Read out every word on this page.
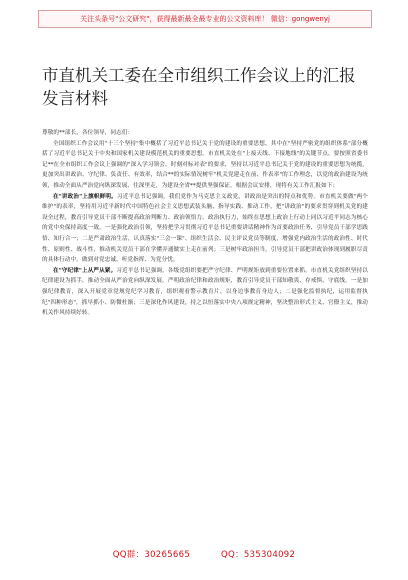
关注头条号"公文研究"，获得最新最全最专业的公文资料库！ 微信：gongwenyj
市直机关工委在全市组织工作会议上的汇报发言材料

尊敬的**部长，各位领导，同志们：

全国组织工作会议用"十三个坚持"集中概括了习近平总书记关于党的建设的重要思想，其中在"坚持严密党的组织体系"部分概括了习近平总书记关于中央和国家机关建设模范机关的重要思想。市直机关处在"上接天线、下接地线"的关键节点，要按照省委书记**在全市组织工作会议上强调的"深入学习领会、时刻对标对表"的要求，坚持以习近平总书记关于党的建设的重要思想为统揽，更加突出讲政治、守纪律、负责任、有效率，结合**的实际情况树牢"机关党建走在前、作表率"的工作理念，以党的政治建设为统领，推动全面从严治党向纵深发展、往深里走，为建设全省**提供坚强保证。根据会议安排，现将有关工作汇报如下：

在"讲政治"上旗帜鲜明。习近平总书记强调，我们党作为马克思主义政党，讲政治是突出的特点和优势。市直机关要做"两个维护"的表率，坚持用习近平新时代中国特色社会主义思想武装头脑、指导实践、推动工作，把"讲政治"的要求贯穿到机关党的建设全过程，教育引导党员干部不断提高政治判断力、政治领悟力、政治执行力，始终在思想上政治上行动上同以习近平同志为核心的党中央保持高度一致。一是强化政治引领，坚持把学习贯彻习近平总书记重要讲话精神作为首要政治任务，引导党员干部学思践悟、知行合一；二是严肃政治生活，认真落实"三会一课"、组织生活会、民主评议党员等制度，增强党内政治生活的政治性、时代性、原则性、战斗性，推动机关党员干部在学懂弄通做实上走在前列；三是树牢政治担当，引导党员干部把讲政治体现到履职尽责的具体行动中，做到对党忠诚、听党指挥、为党分忧。

在"守纪律"上从严从紧。习近平总书记强调，各级党组织要把严守纪律、严明规矩放到重要位置来抓。市直机关党组织坚持以纪律建设为抓手，推动全面从严治党向纵深发展，严明政治纪律和政治规矩，教育引导党员干部知敬畏、存戒惧、守底线。一是加强纪律教育，深入开展党章党规党纪学习教育，组织观看警示教育片，以身边事教育身边人；二是强化监督执纪，运用监督执纪"四种形态"，抓早抓小、防微杜渐；三是深化作风建设，持之以恒落实中央八项规定精神，坚决整治形式主义、官僚主义，推动机关作风持续好转。

QQ群：30265665	QQ：535304092
